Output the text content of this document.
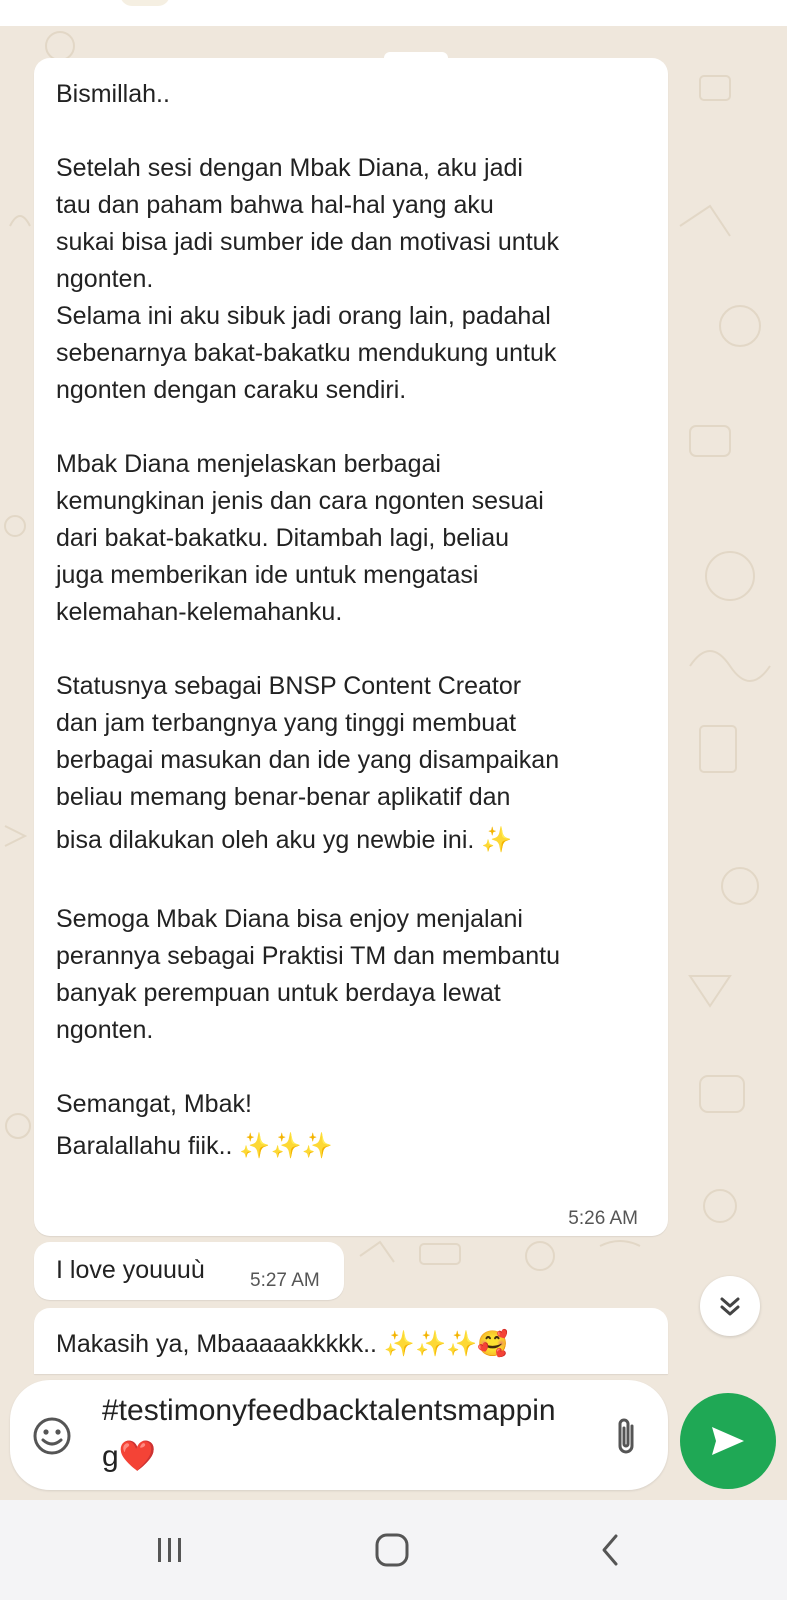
Bismillah..
Setelah sesi dengan Mbak Diana, aku jadi
tau dan paham bahwa hal-hal yang aku
sukai bisa jadi sumber ide dan motivasi untuk
ngonten.
Selama ini aku sibuk jadi orang lain, padahal
sebenarnya bakat-bakatku mendukung untuk
ngonten dengan caraku sendiri.
Mbak Diana menjelaskan berbagai
kemungkinan jenis dan cara ngonten sesuai
dari bakat-bakatku. Ditambah lagi, beliau
juga memberikan ide untuk mengatasi
kelemahan-kelemahanku.
Statusnya sebagai BNSP Content Creator
dan jam terbangnya yang tinggi membuat
berbagai masukan dan ide yang disampaikan
beliau memang benar-benar aplikatif dan
bisa dilakukan oleh aku yg newbie ini. ✨
Semoga Mbak Diana bisa enjoy menjalani
perannya sebagai Praktisi TM dan membantu
banyak perempuan untuk berdaya lewat
ngonten.
Semangat, Mbak!
Baralallahu fiik.. ✨✨✨
5:26 AM
I love youuuù 5:27 AM
Makasih ya, Mbaaaaakkkkk.. ✨✨✨🥰
#testimonyfeedbacktalentsmapping❤️
